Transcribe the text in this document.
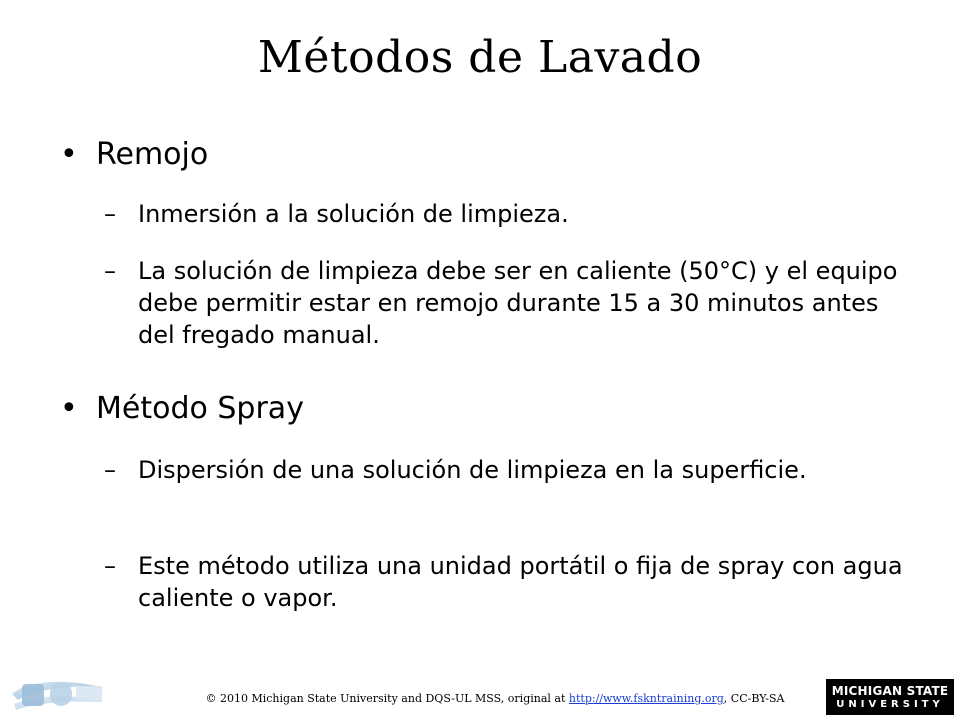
Métodos de Lavado
• Remojo
– Inmersión a la solución de limpieza.
– La solución de limpieza debe ser en caliente (50°C) y el equipo debe permitir estar en remojo durante 15 a 30 minutos antes del fregado manual.
• Método Spray
– Dispersión de una solución de limpieza en la superficie.
– Este método utiliza una unidad portátil o fija de spray con agua caliente o vapor.
© 2010 Michigan State University and DQS-UL MSS, original at http://www.fskntraining.org, CC-BY-SA
MICHIGAN STATE
UNIVERSITY
